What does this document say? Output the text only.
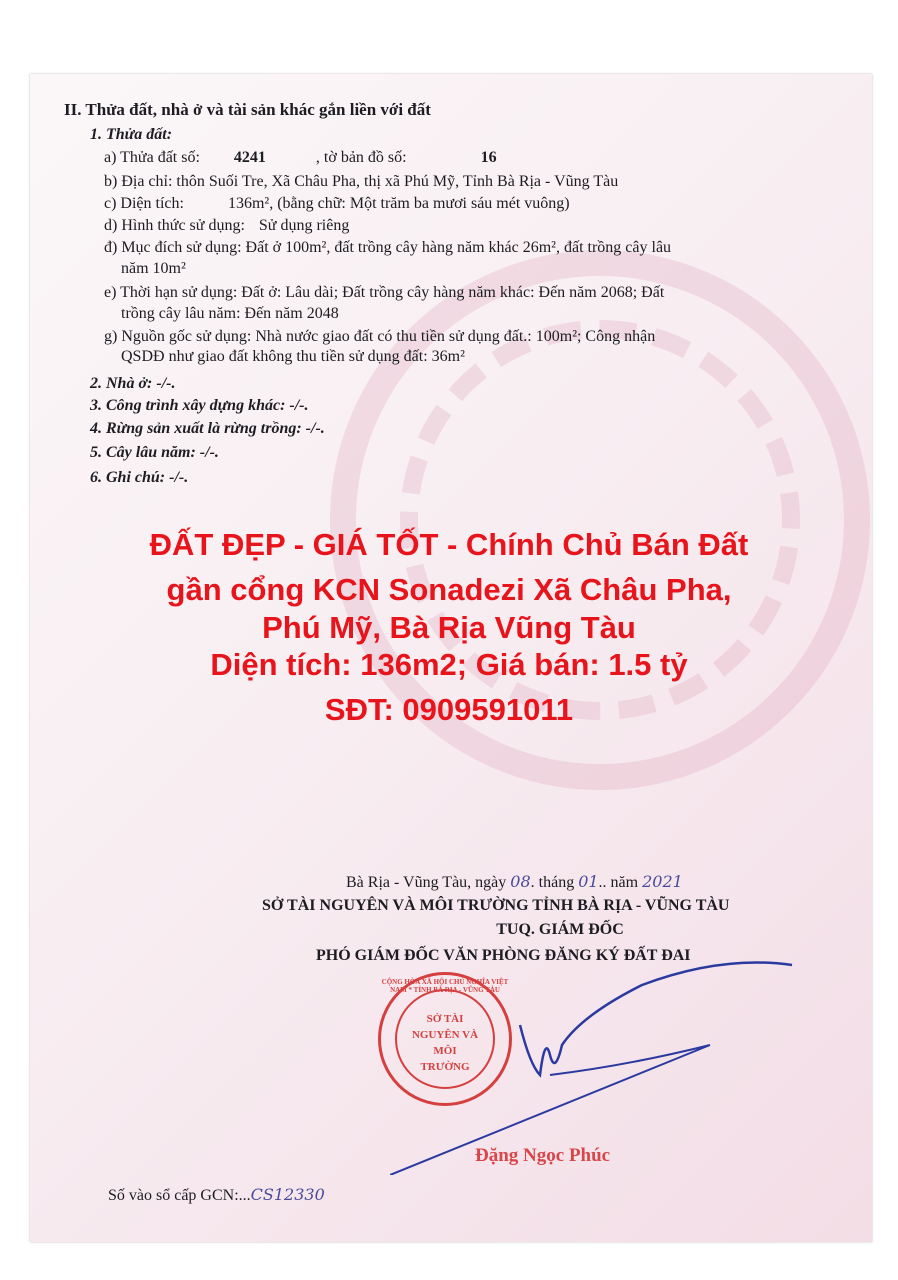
II. Thửa đất, nhà ở và tài sản khác gắn liền với đất
1. Thửa đất:
a) Thửa đất số: 4241	, tờ bản đồ số:	16
b) Địa chỉ: thôn Suối Tre, Xã Châu Pha, thị xã Phú Mỹ, Tỉnh Bà Rịa - Vũng Tàu
c) Diện tích:	136m², (bằng chữ: Một trăm ba mươi sáu mét vuông)
d) Hình thức sử dụng: Sử dụng riêng
đ) Mục đích sử dụng: Đất ở 100m², đất trồng cây hàng năm khác 26m², đất trồng cây lâu
năm 10m²
e) Thời hạn sử dụng: Đất ở: Lâu dài; Đất trồng cây hàng năm khác: Đến năm 2068; Đất
trồng cây lâu năm: Đến năm 2048
g) Nguồn gốc sử dụng: Nhà nước giao đất có thu tiền sử dụng đất.: 100m²; Công nhận
QSDĐ như giao đất không thu tiền sử dụng đất: 36m²
2. Nhà ở: -/-.
3. Công trình xây dựng khác: -/-.
4. Rừng sản xuất là rừng trồng: -/-.
5. Cây lâu năm: -/-.
6. Ghi chú: -/-.
ĐẤT ĐẸP - GIÁ TỐT - Chính Chủ Bán Đất
gần cổng KCN Sonadezi Xã Châu Pha,
Phú Mỹ, Bà Rịa Vũng Tàu
Diện tích: 136m2; Giá bán: 1.5 tỷ
SĐT: 0909591011
Bà Rịa - Vũng Tàu, ngày 08. tháng 01.. năm 2021
SỞ TÀI NGUYÊN VÀ MÔI TRƯỜNG TỈNH BÀ RỊA - VŨNG TÀU
TUQ. GIÁM ĐỐC
PHÓ GIÁM ĐỐC VĂN PHÒNG ĐĂNG KÝ ĐẤT ĐAI
CỘNG HÒA XÃ HỘI CHỦ NGHĨA VIỆT NAM * TỈNH BÀ RỊA - VŨNG TÀU
SỞ TÀI NGUYÊN VÀ MÔI TRƯỜNG
Đặng Ngọc Phúc
Số vào sổ cấp GCN:...CS12330
